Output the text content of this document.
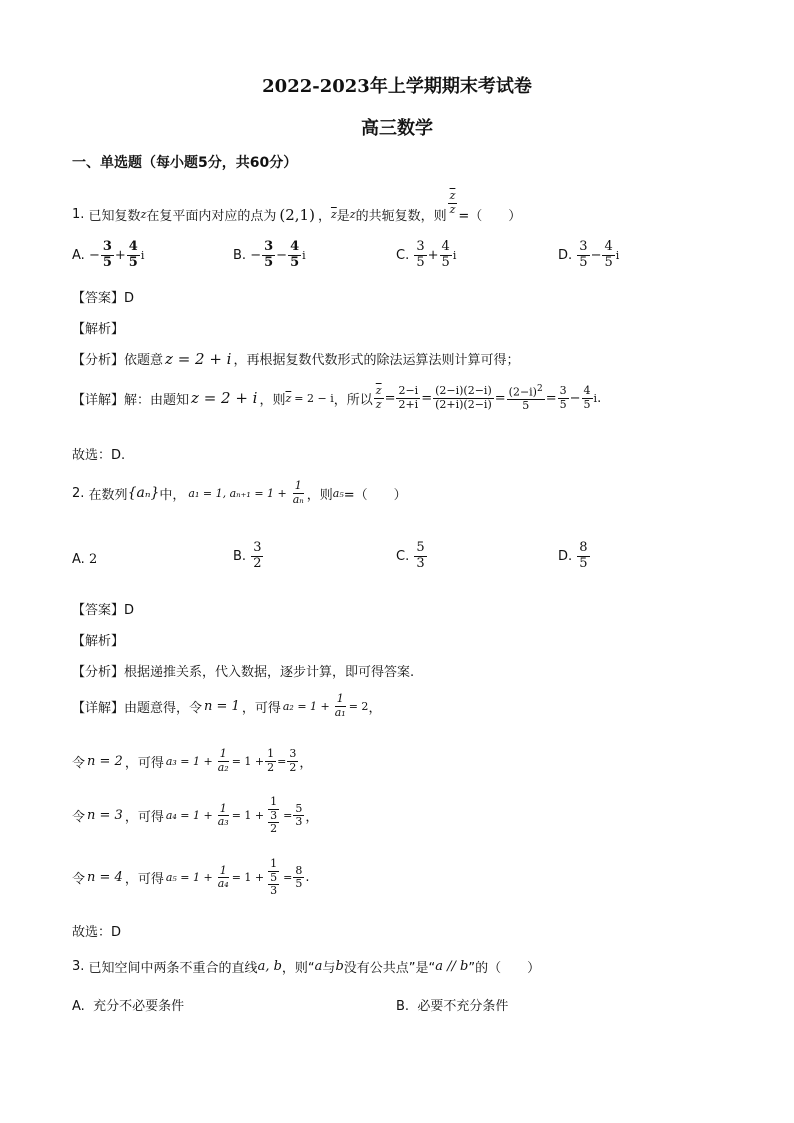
2022-2023年上学期期末考试卷
高三数学
一、单选题（每小题5分，共60分）
1.
已知复数 z 在复平面内对应的点为 (2,1) ， $\overline{z}$ 是 z 的共轭复数，则 $\frac{\overline{z}}{z}$ =（　　）
A.
− $\frac{3}{5} + \frac{4}{5}$ i	B.
− $\frac{3}{5} - \frac{4}{5}$ i	C.
$\frac{3}{5} + \frac{4}{5}$ i	D.
$\frac{3}{5} - \frac{4}{5}$ i
【答案】D
【解析】
【分析】依题意 z = 2 + i ，再根据复数代数形式的除法运算法则计算可得；
【详解】 解：由题知 z = 2 + i ，则 $\overline{z} = 2 - i$ ，所以 $\frac{\overline{z}}{z} = \frac{2-i}{2+i} = \frac{(2-i)(2-i)}{(2+i)(2-i)} = \frac{(2-i)^2}{5} = \frac{3}{5} - \frac{4}{5}$ i .
故选：D.
2.
在数列 {aₙ} 中， a₁ = 1, $a_{n+1} = 1 + \frac{1}{\text{aₙ}}$ ，则 a₅ =（　　）
A. 2	B.
$\frac{3}{2}$	C.
$\frac{5}{3}$	D.
$\frac{8}{5}$
【答案】D
【解析】
【分析】根据递推关系，代入数据，逐步计算，即可得答案.
【详解】 由题意得，令 n = 1 ，可得 $a_2 = 1 + \frac{1}{\text{a₁}} = 2$ ，
令 n = 2 ，可得 $a_3 = 1 + \frac{1}{\text{a₂}} = 1 + \frac{1}{2} = \frac{3}{2}$ ，
令 n = 3 ，可得 $a_4 = 1 + \frac{1}{\text{a₃}} = 1 + \frac{1}{\frac{3}{2}} = \frac{5}{3}$ ，
令 n = 4 ，可得 $a_5 = 1 + \frac{1}{\text{a₄}} = 1 + \frac{1}{\frac{5}{3}} = \frac{8}{5}$ .
故选：D
3.
已知空间中两条不重合的直线 a, b ，则“ a 与 b 没有公共点”是“ a // b ”的（　　）
A. 充分不必要条件	B. 必要不充分条件
